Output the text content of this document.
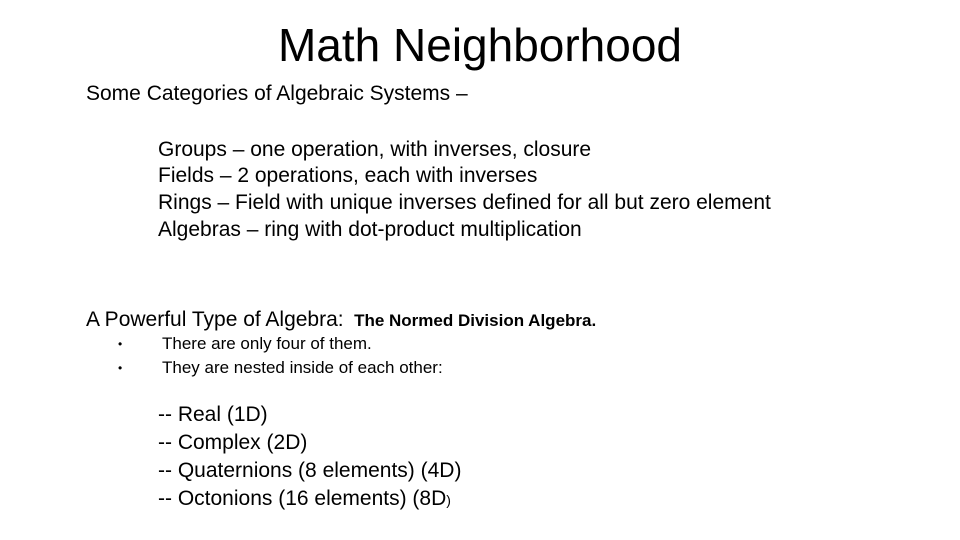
Math Neighborhood
Some Categories of Algebraic Systems –
Groups – one operation, with inverses, closure
Fields – 2 operations, each with inverses
Rings – Field with unique inverses defined for all but zero element
Algebras – ring with dot-product multiplication
A Powerful Type of Algebra: The Normed Division Algebra.
•	There are only four of them.
•	They are nested inside of each other:
-- Real (1D)
-- Complex (2D)
-- Quaternions (8 elements) (4D)
-- Octonions (16 elements) (8D)
